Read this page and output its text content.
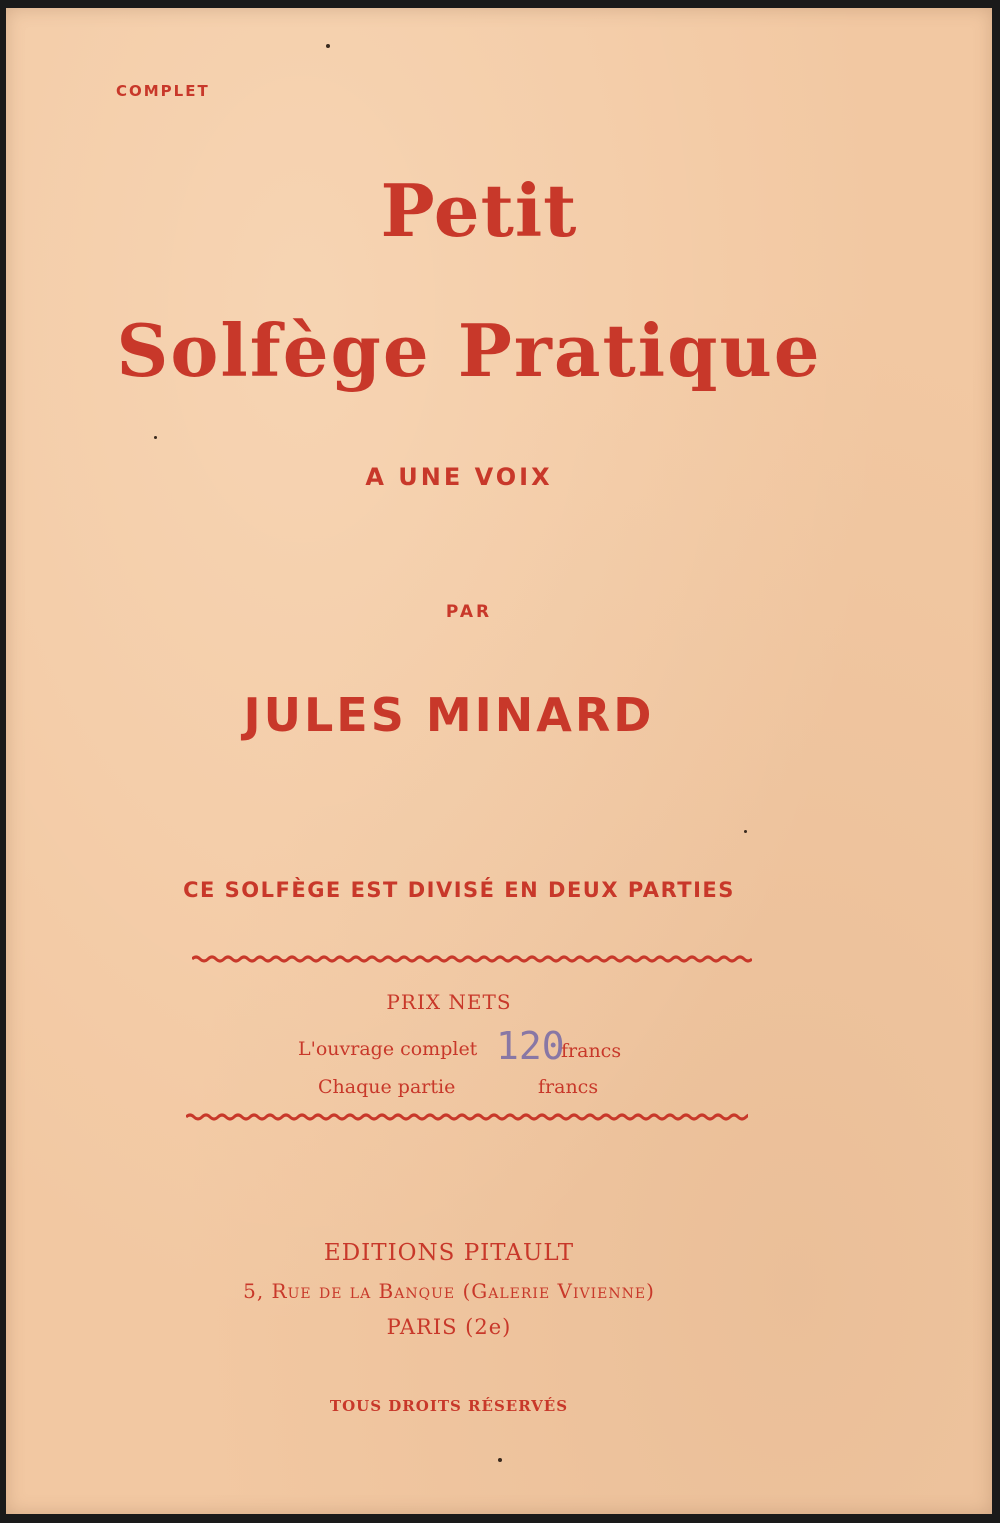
COMPLET
Petit
Solfège Pratique
A UNE VOIX
PAR
JULES MINARD
CE SOLFÈGE EST DIVISÉ EN DEUX PARTIES
PRIX NETS
L'ouvrage complet 120
francs
Chaque partie	francs
EDITIONS PITAULT
5, Rue de la Banque (Galerie Vivienne)
PARIS (2e)
TOUS DROITS RÉSERVÉS
